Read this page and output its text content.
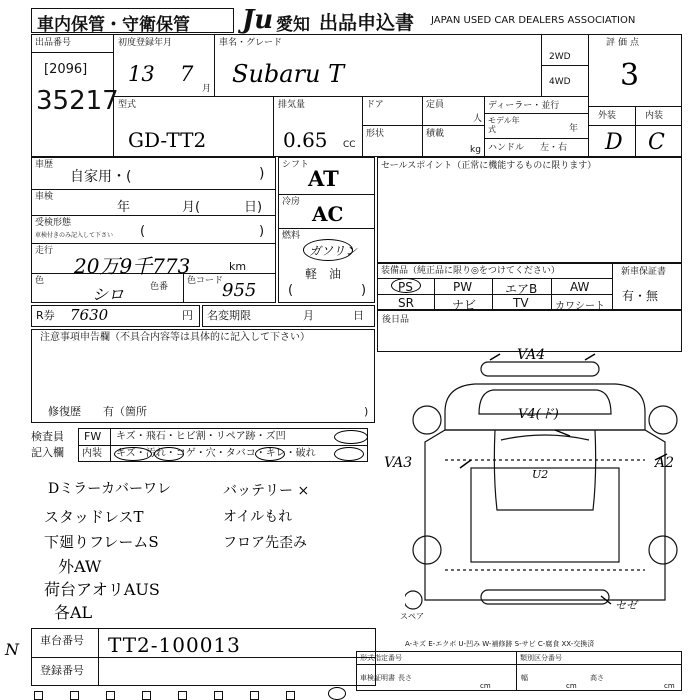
車内保管・守衛保管 Ju 愛知 出品申込書 JAPAN USED CAR DEALERS ASSOCIATION
出品番号
[2096]
35217
初度登録年月
13 7
月
車名・グレード
Subaru T
2WD
4WD
評価点
3
外装	内装
D C
型式
GD-TT2
排気量
0.65 CC
ドア
形状
定員
人
積載
kg
ディーラー・並行
モデル年式	年
ハンドル 左・右
車歴
自家用・(	)
車検
年	月(	日)
受検形態
車検付きのみ記入して下さい (	)
走行
20万9千773	km
色
シロ	色番
色コード
955
シフト
AT
冷房 AC
燃料
ガソリン
軽　油
(	)
セールスポイント（正常に機能するものに限ります）
装備品（純正品に限り◎をつけてください）
PS	PW	エアB	AW
SR	ナビ	TV	カワシート
新車保証書
有・無
R券 7630	円 名変期限	月	日 後日品
注意事項申告欄（不具合内容等は具体的に記入して下さい）
修復歴　　有（箇所	)
検査員
記入欄
FW キズ・飛石・ヒビ割・リペア跡・ズ凹
内装 キズ・汚れ・コゲ・穴・タバコ・キレ・破れ
Dミラーカバーワレ	バッテリー ×
スタッドレスT	オイルもれ
下廻りフレームS	フロア先歪み
外AW
荷台アオリAUS
各AL
VA4
V4(ド)
U2
VA3	A2
セゼ
スペア
A-キズ E-エクボ U-凹み W-補修跡 S-サビ C-腐食 XX-交換済
車台番号 TT2-100013
登録番号
形式指定番号	類別区分番号
車検証明書 長さ
cm
幅
cm
高さ
cm
N
